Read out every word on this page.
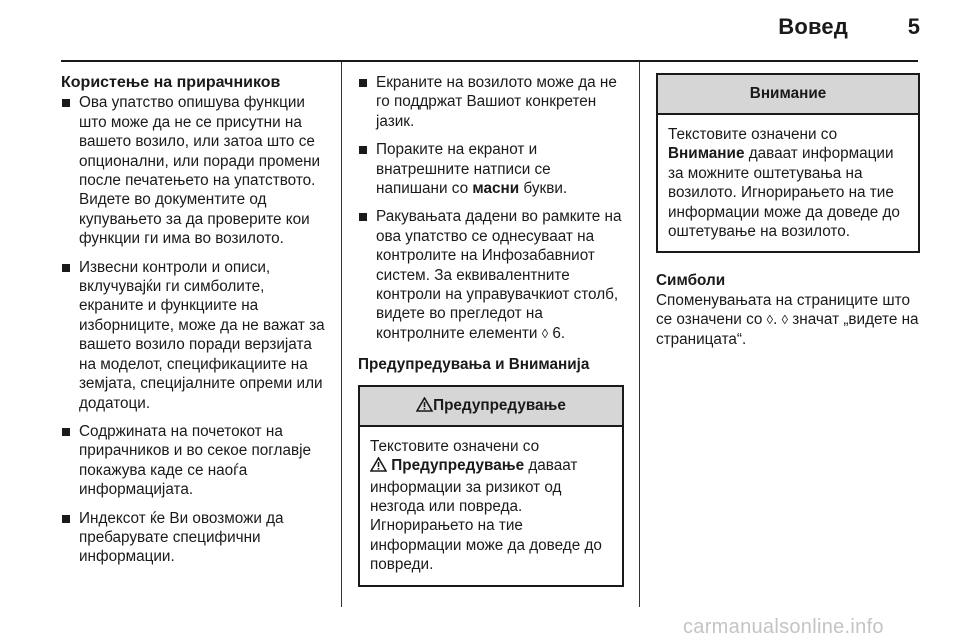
Вовед	5
Користење на прирачников
Ова упатство опишува функции што може да не се присутни на вашето возило, или затоа што се опционални, или поради промени после печатењето на упатството. Видете во документите од купувањето за да проверите кои функции ги има во возилото.
Извесни контроли и описи, вклучувајќи ги симболите, екраните и функциите на изборниците, може да не важат за вашето возило поради верзијата на моделот, спецификациите на земјата, специјалните опреми или додатоци.
Содржината на почетокот на прирачников и во секое поглавје покажува каде се наоѓа информацијата.
Индексот ќе Ви овозможи да пребарувате специфични информации.
Екраните на возилото може да не го поддржат Вашиот конкретен јазик.
Пораките на екранот и внатрешните натписи се напишани со масни букви.
Ракувањата дадени во рамките на ова упатство се однесуваат на контролите на Инфозабавниот систем. За еквивалентните контроли на управувачкиот столб, видете во прегледот на контролните елементи ◊ 6.
Предупредувања и Вниманија
Предупредување
Текстовите означени со
Предупредување даваат информации за ризикот од незгода или повреда. Игнорирањето на тие информации може да доведе до повреди.
Внимание
Текстовите означени со Внимание даваат информации за можните оштетувања на возилото. Игнорирањето на тие информации може да доведе до оштетување на возилото.
Симболи
Споменувањата на страниците што се означени со ◊. ◊ значат „видете на страницата“.
carmanualsonline.info
